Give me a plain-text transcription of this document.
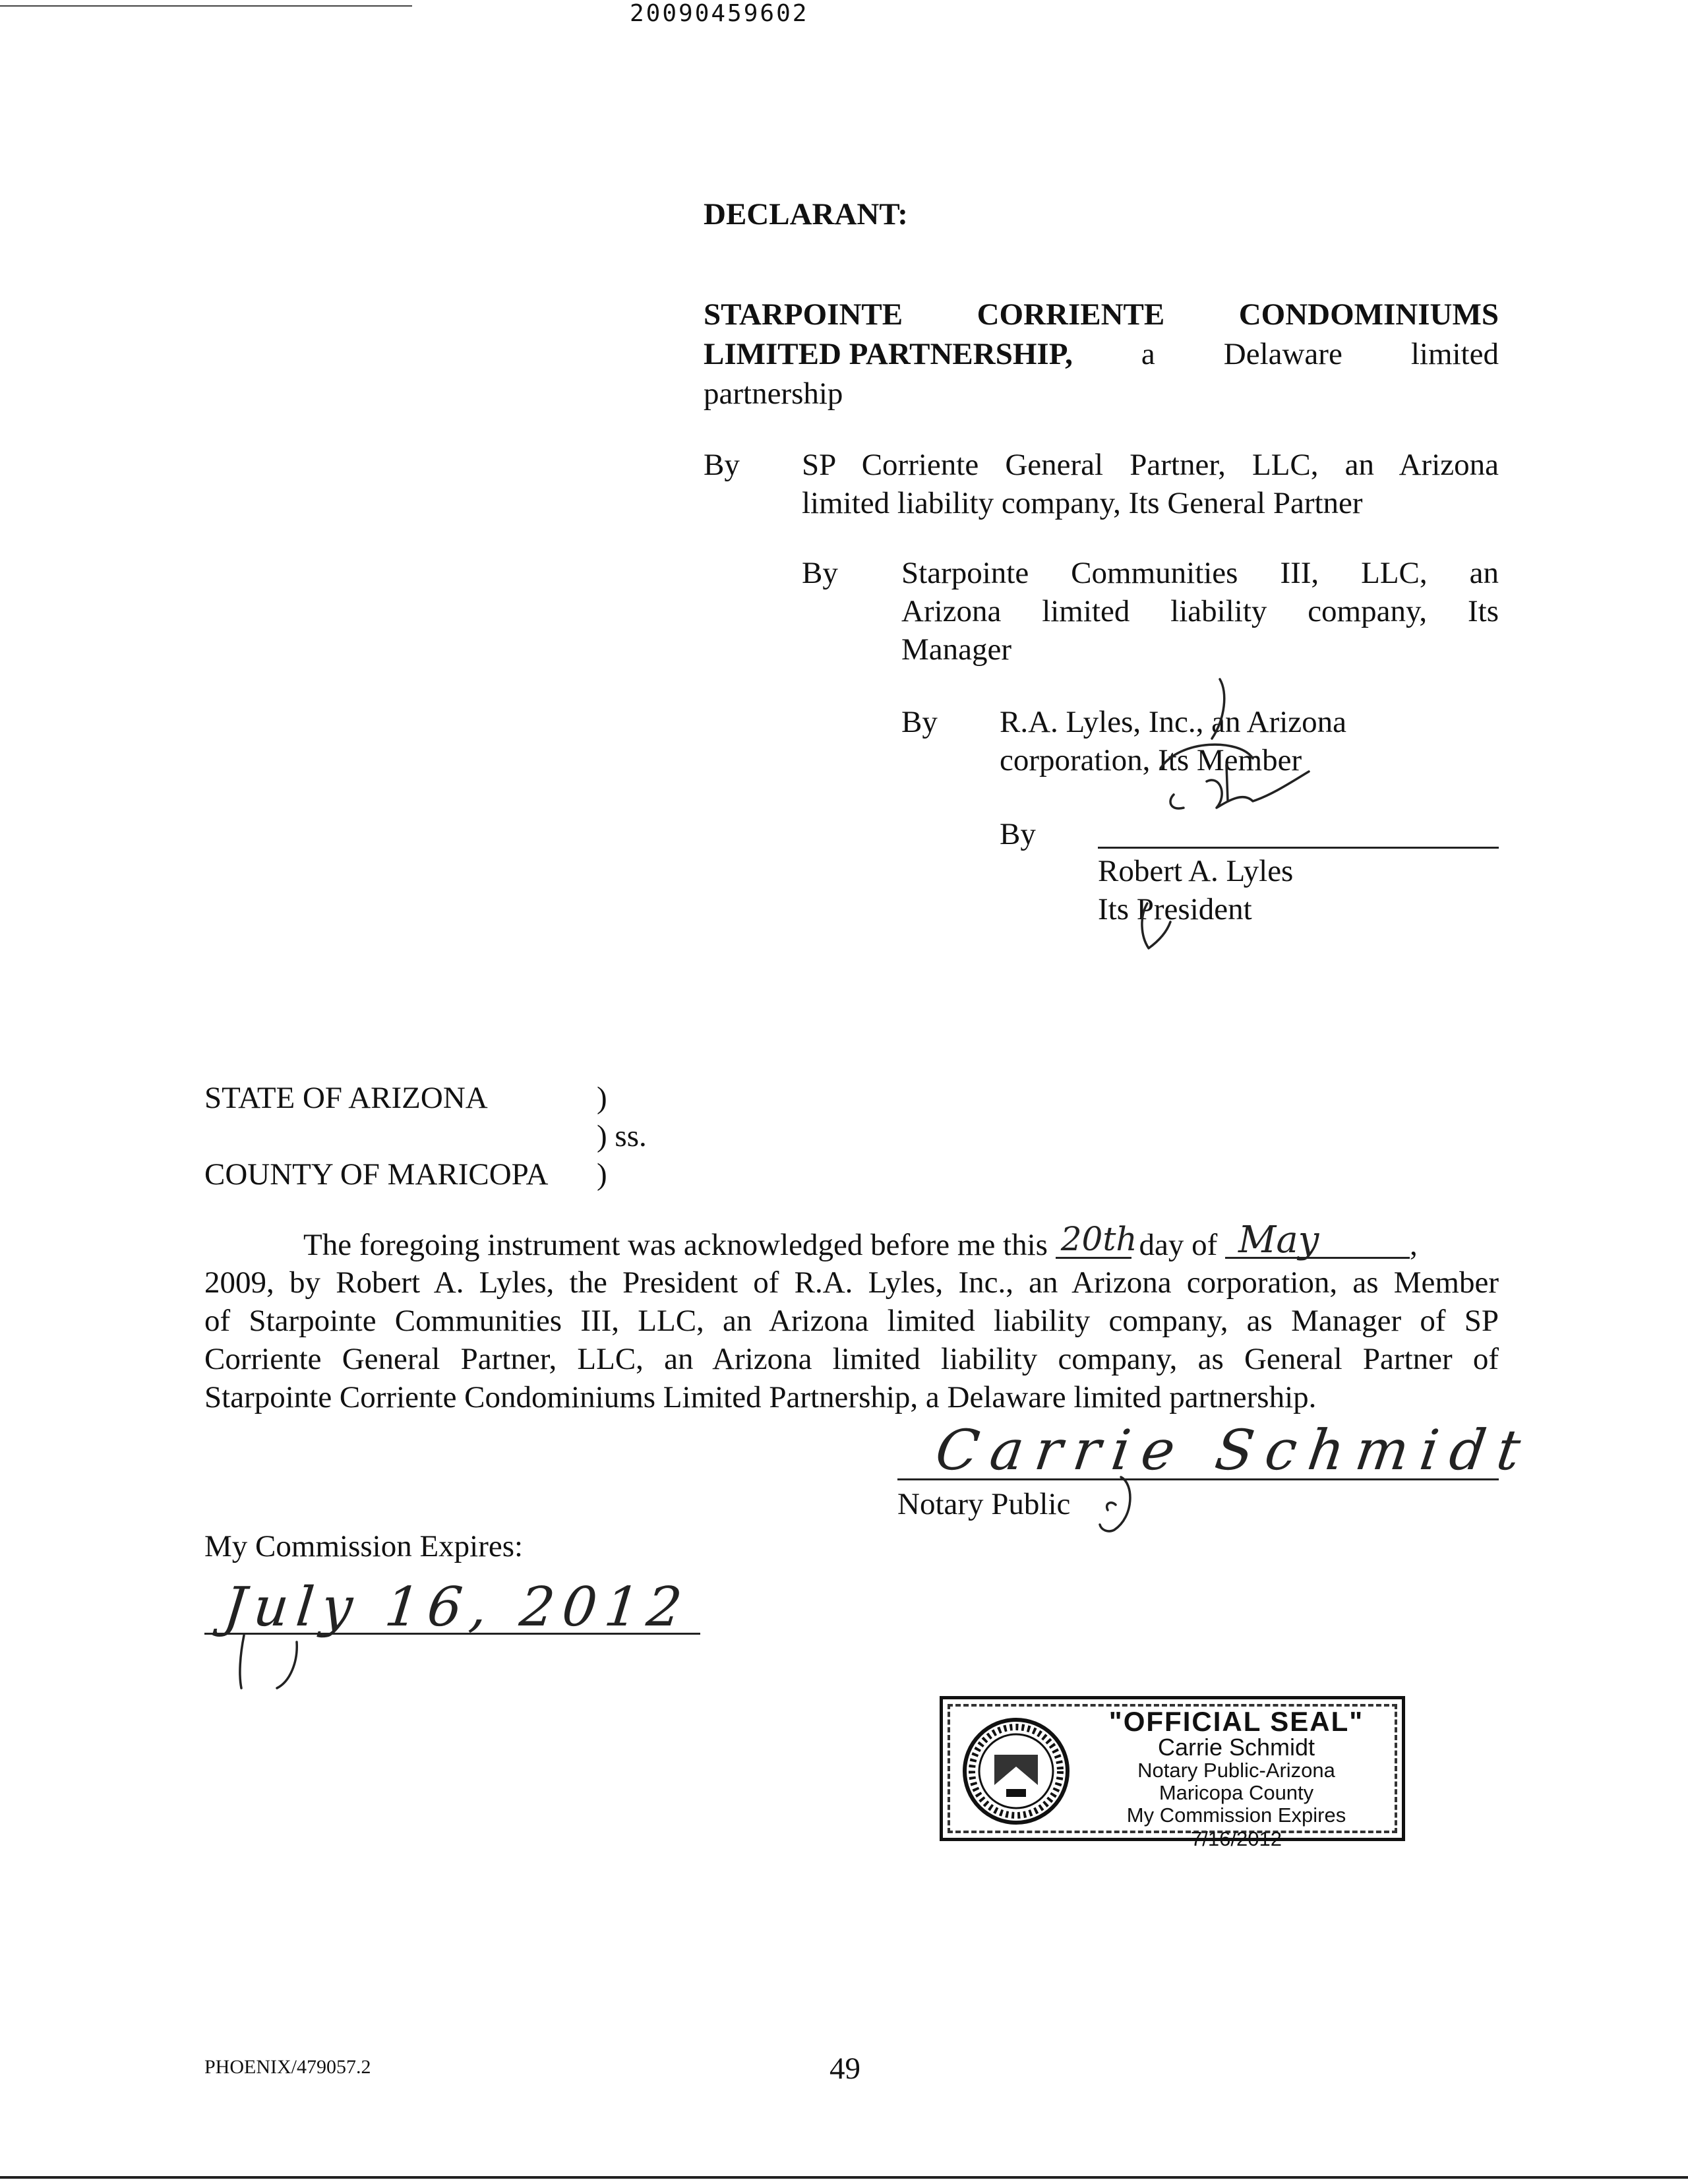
20090459602
DECLARANT:
STARPOINTE CORRIENTE CONDOMINIUMS
LIMITED PARTNERSHIP, a Delaware limited
partnership
By SP Corriente General Partner, LLC, an Arizona
limited liability company, Its General Partner
By Starpointe Communities III, LLC, an
Arizona limited liability company, Its
Manager
By R.A. Lyles, Inc., an Arizona
corporation, Its Member
By
Robert A. Lyles
Its President
STATE OF ARIZONA	)
) ss.
COUNTY OF MARICOPA )
The foregoing instrument was acknowledged before me this 20th day of May	,
2009, by Robert A. Lyles, the President of R.A. Lyles, Inc., an Arizona corporation, as Member
of Starpointe Communities III, LLC, an Arizona limited liability company, as Manager of SP
Corriente General Partner, LLC, an Arizona limited liability company, as General Partner of
Starpointe Corriente Condominiums Limited Partnership, a Delaware limited partnership.
Carrie Schmidt
Notary Public
My Commission Expires:
July 16, 2012
"OFFICIAL SEAL"
Carrie Schmidt
Notary Public-Arizona
Maricopa County
My Commission Expires 7/16/2012
PHOENIX/479057.2	49
